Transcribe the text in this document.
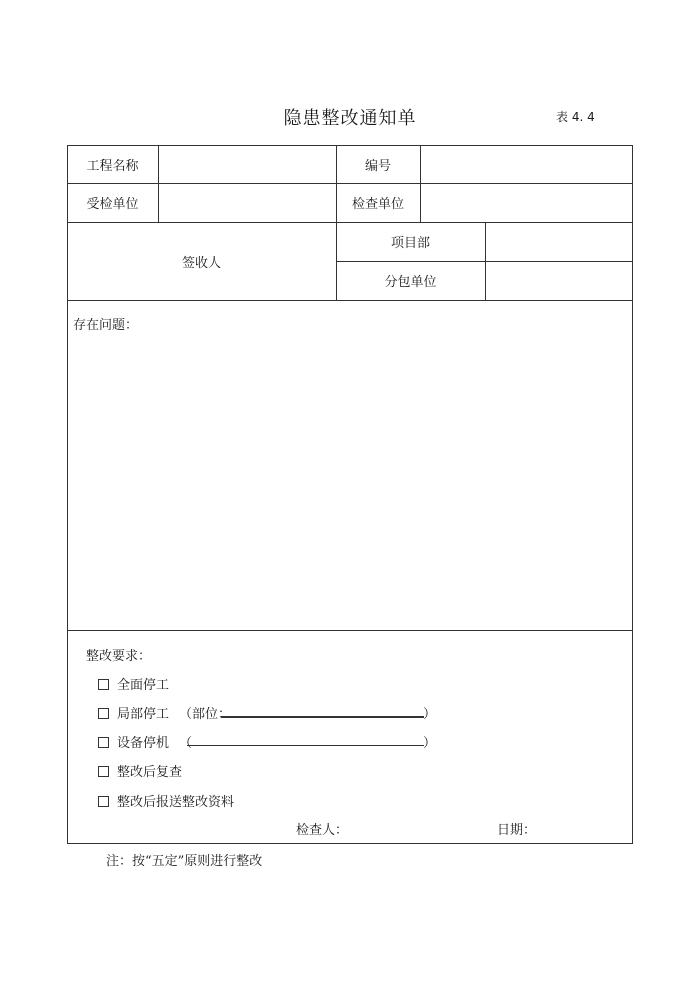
隐患整改通知单	表 4. 4
工程名称	编号
受检单位	检查单位
签收人
项目部
分包单位
存在问题：
整改要求：
全面停工
局部停工 （部位：	）
设备停机 （	）
整改后复查
整改后报送整改资料
检查人：	日期：
注：按“五定”原则进行整改
